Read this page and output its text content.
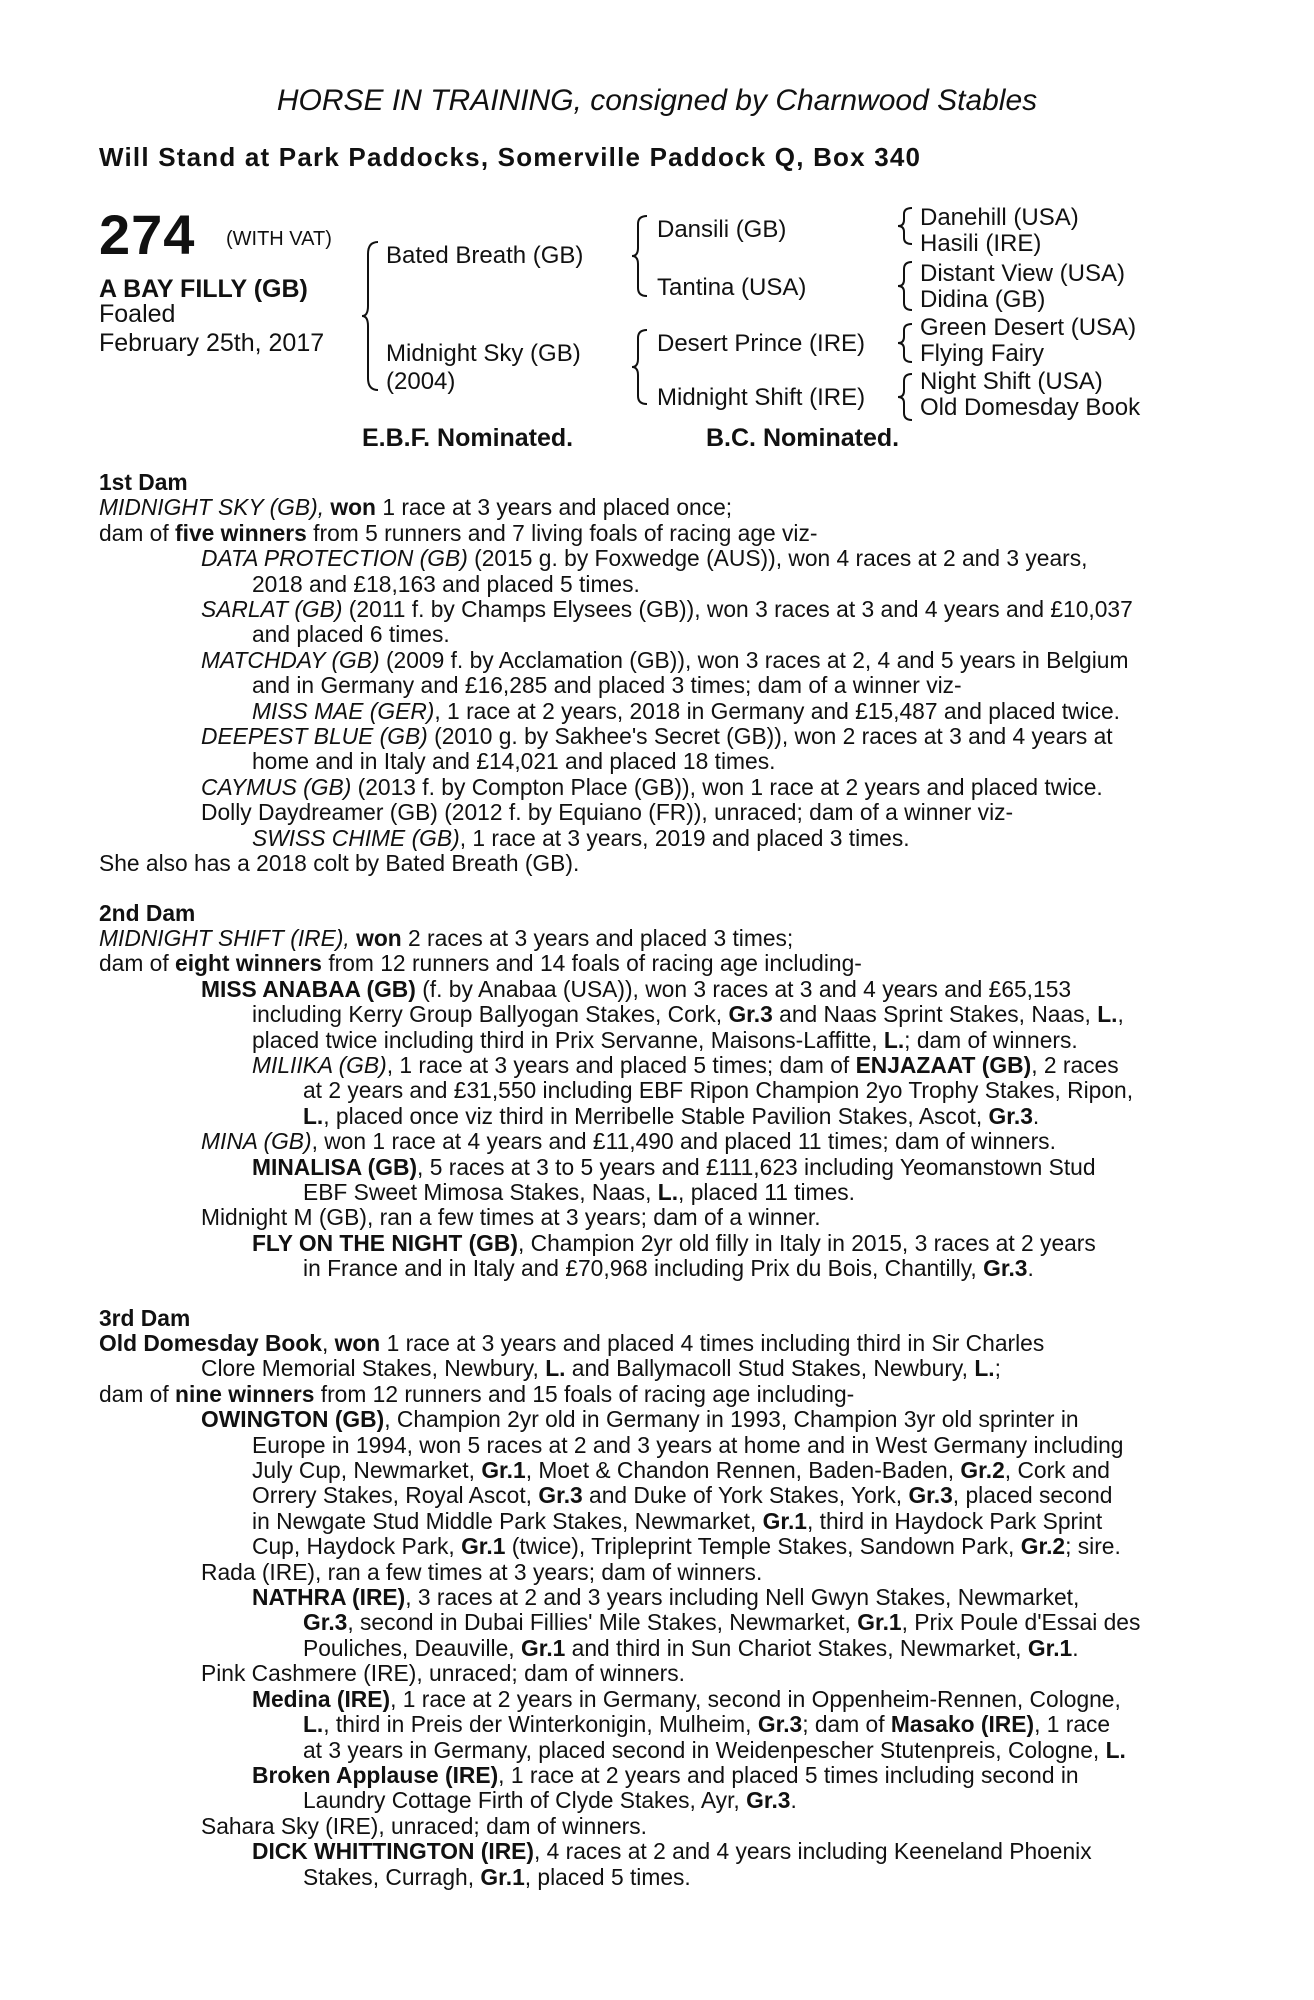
HORSE IN TRAINING, consigned by Charnwood Stables
Will Stand at Park Paddocks, Somerville Paddock Q, Box 340
274 (WITH VAT)
A BAY FILLY (GB)
Foaled
February 25th, 2017
Bated Breath (GB)
Midnight Sky (GB)
(2004)
Dansili (GB)
Tantina (USA)
Desert Prince (IRE)
Midnight Shift (IRE)
Danehill (USA)
Hasili (IRE)
Distant View (USA)
Didina (GB)
Green Desert (USA)
Flying Fairy
Night Shift (USA)
Old Domesday Book
E.B.F. Nominated.	B.C. Nominated.
1st Dam
MIDNIGHT SKY (GB), won 1 race at 3 years and placed once;
dam of five winners from 5 runners and 7 living foals of racing age viz-
DATA PROTECTION (GB) (2015 g. by Foxwedge (AUS)), won 4 races at 2 and 3 years,
2018 and £18,163 and placed 5 times.
SARLAT (GB) (2011 f. by Champs Elysees (GB)), won 3 races at 3 and 4 years and £10,037
and placed 6 times.
MATCHDAY (GB) (2009 f. by Acclamation (GB)), won 3 races at 2, 4 and 5 years in Belgium
and in Germany and £16,285 and placed 3 times; dam of a winner viz-
MISS MAE (GER), 1 race at 2 years, 2018 in Germany and £15,487 and placed twice.
DEEPEST BLUE (GB) (2010 g. by Sakhee's Secret (GB)), won 2 races at 3 and 4 years at
home and in Italy and £14,021 and placed 18 times.
CAYMUS (GB) (2013 f. by Compton Place (GB)), won 1 race at 2 years and placed twice.
Dolly Daydreamer (GB) (2012 f. by Equiano (FR)), unraced; dam of a winner viz-
SWISS CHIME (GB), 1 race at 3 years, 2019 and placed 3 times.
She also has a 2018 colt by Bated Breath (GB).
2nd Dam
MIDNIGHT SHIFT (IRE), won 2 races at 3 years and placed 3 times;
dam of eight winners from 12 runners and 14 foals of racing age including-
MISS ANABAA (GB) (f. by Anabaa (USA)), won 3 races at 3 and 4 years and £65,153
including Kerry Group Ballyogan Stakes, Cork, Gr.3 and Naas Sprint Stakes, Naas, L.,
placed twice including third in Prix Servanne, Maisons-Laffitte, L.; dam of winners.
MILIIKA (GB), 1 race at 3 years and placed 5 times; dam of ENJAZAAT (GB), 2 races
at 2 years and £31,550 including EBF Ripon Champion 2yo Trophy Stakes, Ripon,
L., placed once viz third in Merribelle Stable Pavilion Stakes, Ascot, Gr.3.
MINA (GB), won 1 race at 4 years and £11,490 and placed 11 times; dam of winners.
MINALISA (GB), 5 races at 3 to 5 years and £111,623 including Yeomanstown Stud
EBF Sweet Mimosa Stakes, Naas, L., placed 11 times.
Midnight M (GB), ran a few times at 3 years; dam of a winner.
FLY ON THE NIGHT (GB), Champion 2yr old filly in Italy in 2015, 3 races at 2 years
in France and in Italy and £70,968 including Prix du Bois, Chantilly, Gr.3.
3rd Dam
Old Domesday Book, won 1 race at 3 years and placed 4 times including third in Sir Charles
Clore Memorial Stakes, Newbury, L. and Ballymacoll Stud Stakes, Newbury, L.;
dam of nine winners from 12 runners and 15 foals of racing age including-
OWINGTON (GB), Champion 2yr old in Germany in 1993, Champion 3yr old sprinter in
Europe in 1994, won 5 races at 2 and 3 years at home and in West Germany including
July Cup, Newmarket, Gr.1, Moet & Chandon Rennen, Baden-Baden, Gr.2, Cork and
Orrery Stakes, Royal Ascot, Gr.3 and Duke of York Stakes, York, Gr.3, placed second
in Newgate Stud Middle Park Stakes, Newmarket, Gr.1, third in Haydock Park Sprint
Cup, Haydock Park, Gr.1 (twice), Tripleprint Temple Stakes, Sandown Park, Gr.2; sire.
Rada (IRE), ran a few times at 3 years; dam of winners.
NATHRA (IRE), 3 races at 2 and 3 years including Nell Gwyn Stakes, Newmarket,
Gr.3, second in Dubai Fillies' Mile Stakes, Newmarket, Gr.1, Prix Poule d'Essai des
Pouliches, Deauville, Gr.1 and third in Sun Chariot Stakes, Newmarket, Gr.1.
Pink Cashmere (IRE), unraced; dam of winners.
Medina (IRE), 1 race at 2 years in Germany, second in Oppenheim-Rennen, Cologne,
L., third in Preis der Winterkonigin, Mulheim, Gr.3; dam of Masako (IRE), 1 race
at 3 years in Germany, placed second in Weidenpescher Stutenpreis, Cologne, L.
Broken Applause (IRE), 1 race at 2 years and placed 5 times including second in
Laundry Cottage Firth of Clyde Stakes, Ayr, Gr.3.
Sahara Sky (IRE), unraced; dam of winners.
DICK WHITTINGTON (IRE), 4 races at 2 and 4 years including Keeneland Phoenix
Stakes, Curragh, Gr.1, placed 5 times.
